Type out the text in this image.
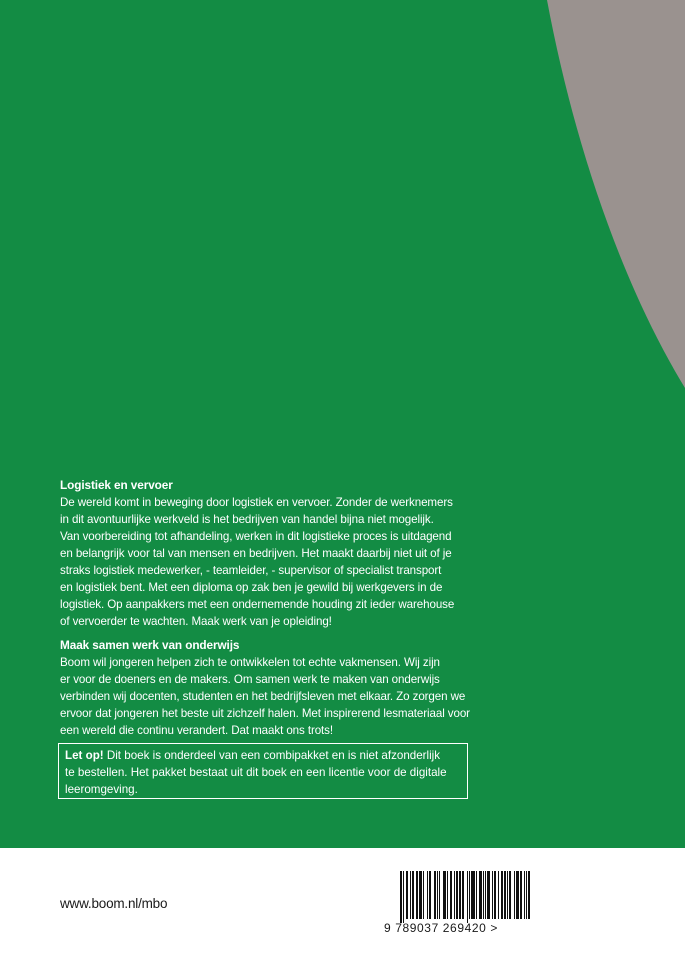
Logistiek en vervoer

De wereld komt in beweging door logistiek en vervoer. Zonder de werknemers

in dit avontuurlijke werkveld is het bedrijven van handel bijna niet mogelijk.

Van voorbereiding tot afhandeling, werken in dit logistieke proces is uitdagend

en belangrijk voor tal van mensen en bedrijven. Het maakt daarbij niet uit of je

straks logistiek medewerker, - teamleider, - supervisor of specialist transport

en logistiek bent. Met een diploma op zak ben je gewild bij werkgevers in de

logistiek. Op aanpakkers met een ondernemende houding zit ieder warehouse

of vervoerder te wachten. Maak werk van je opleiding!

Maak samen werk van onderwijs

Boom wil jongeren helpen zich te ontwikkelen tot echte vakmensen. Wij zijn

er voor de doeners en de makers. Om samen werk te maken van onderwijs

verbinden wij docenten, studenten en het bedrijfsleven met elkaar. Zo zorgen we

ervoor dat jongeren het beste uit zichzelf halen. Met inspirerend lesmateriaal voor

een wereld die continu verandert. Dat maakt ons trots!

Let op! Dit boek is onderdeel van een combipakket en is niet afzonderlijk
te bestellen. Het pakket bestaat uit dit boek en een licentie voor de digitale
leeromgeving.
www.boom.nl/mbo
9 789037 269420 >
